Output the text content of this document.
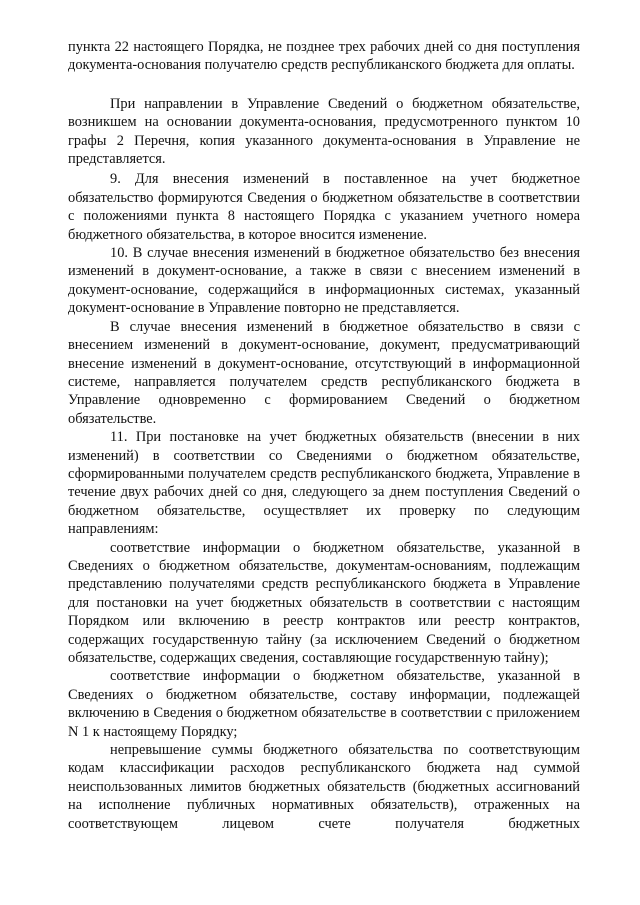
пункта 22 настоящего Порядка, не позднее трех рабочих дней со дня поступления документа-основания получателю средств республиканского бюджета для оплаты.

При направлении в Управление Сведений о бюджетном обязательстве, возникшем на основании документа-основания, предусмотренного пунктом 10 графы 2 Перечня, копия указанного документа-основания в Управление не представляется.

9. Для внесения изменений в поставленное на учет бюджетное обязательство формируются Сведения о бюджетном обязательстве в соответствии с положениями пункта 8 настоящего Порядка с указанием учетного номера бюджетного обязательства, в которое вносится изменение.

10. В случае внесения изменений в бюджетное обязательство без внесения изменений в документ-основание, а также в связи с внесением изменений в документ-основание, содержащийся в информационных системах, указанный документ-основание в Управление повторно не представляется.

В случае внесения изменений в бюджетное обязательство в связи с внесением изменений в документ-основание, документ, предусматривающий внесение изменений в документ-основание, отсутствующий в информационной системе, направляется получателем средств республиканского бюджета в Управление одновременно с формированием Сведений о бюджетном обязательстве.

11. При постановке на учет бюджетных обязательств (внесении в них изменений) в соответствии со Сведениями о бюджетном обязательстве, сформированными получателем средств республиканского бюджета, Управление в течение двух рабочих дней со дня, следующего за днем поступления Сведений о бюджетном обязательстве, осуществляет их проверку по следующим направлениям:

соответствие информации о бюджетном обязательстве, указанной в Сведениях о бюджетном обязательстве, документам-основаниям, подлежащим представлению получателями средств республиканского бюджета в Управление для постановки на учет бюджетных обязательств в соответствии с настоящим Порядком или включению в реестр контрактов или реестр контрактов, содержащих государственную тайну (за исключением Сведений о бюджетном обязательстве, содержащих сведения, составляющие государственную тайну);

соответствие информации о бюджетном обязательстве, указанной в Сведениях о бюджетном обязательстве, составу информации, подлежащей включению в Сведения о бюджетном обязательстве в соответствии с приложением N 1 к настоящему Порядку;

непревышение суммы бюджетного обязательства по соответствующим кодам классификации расходов республиканского бюджета над суммой неиспользованных лимитов бюджетных обязательств (бюджетных ассигнований на исполнение публичных нормативных обязательств), отраженных на соответствующем лицевом счете получателя бюджетных
